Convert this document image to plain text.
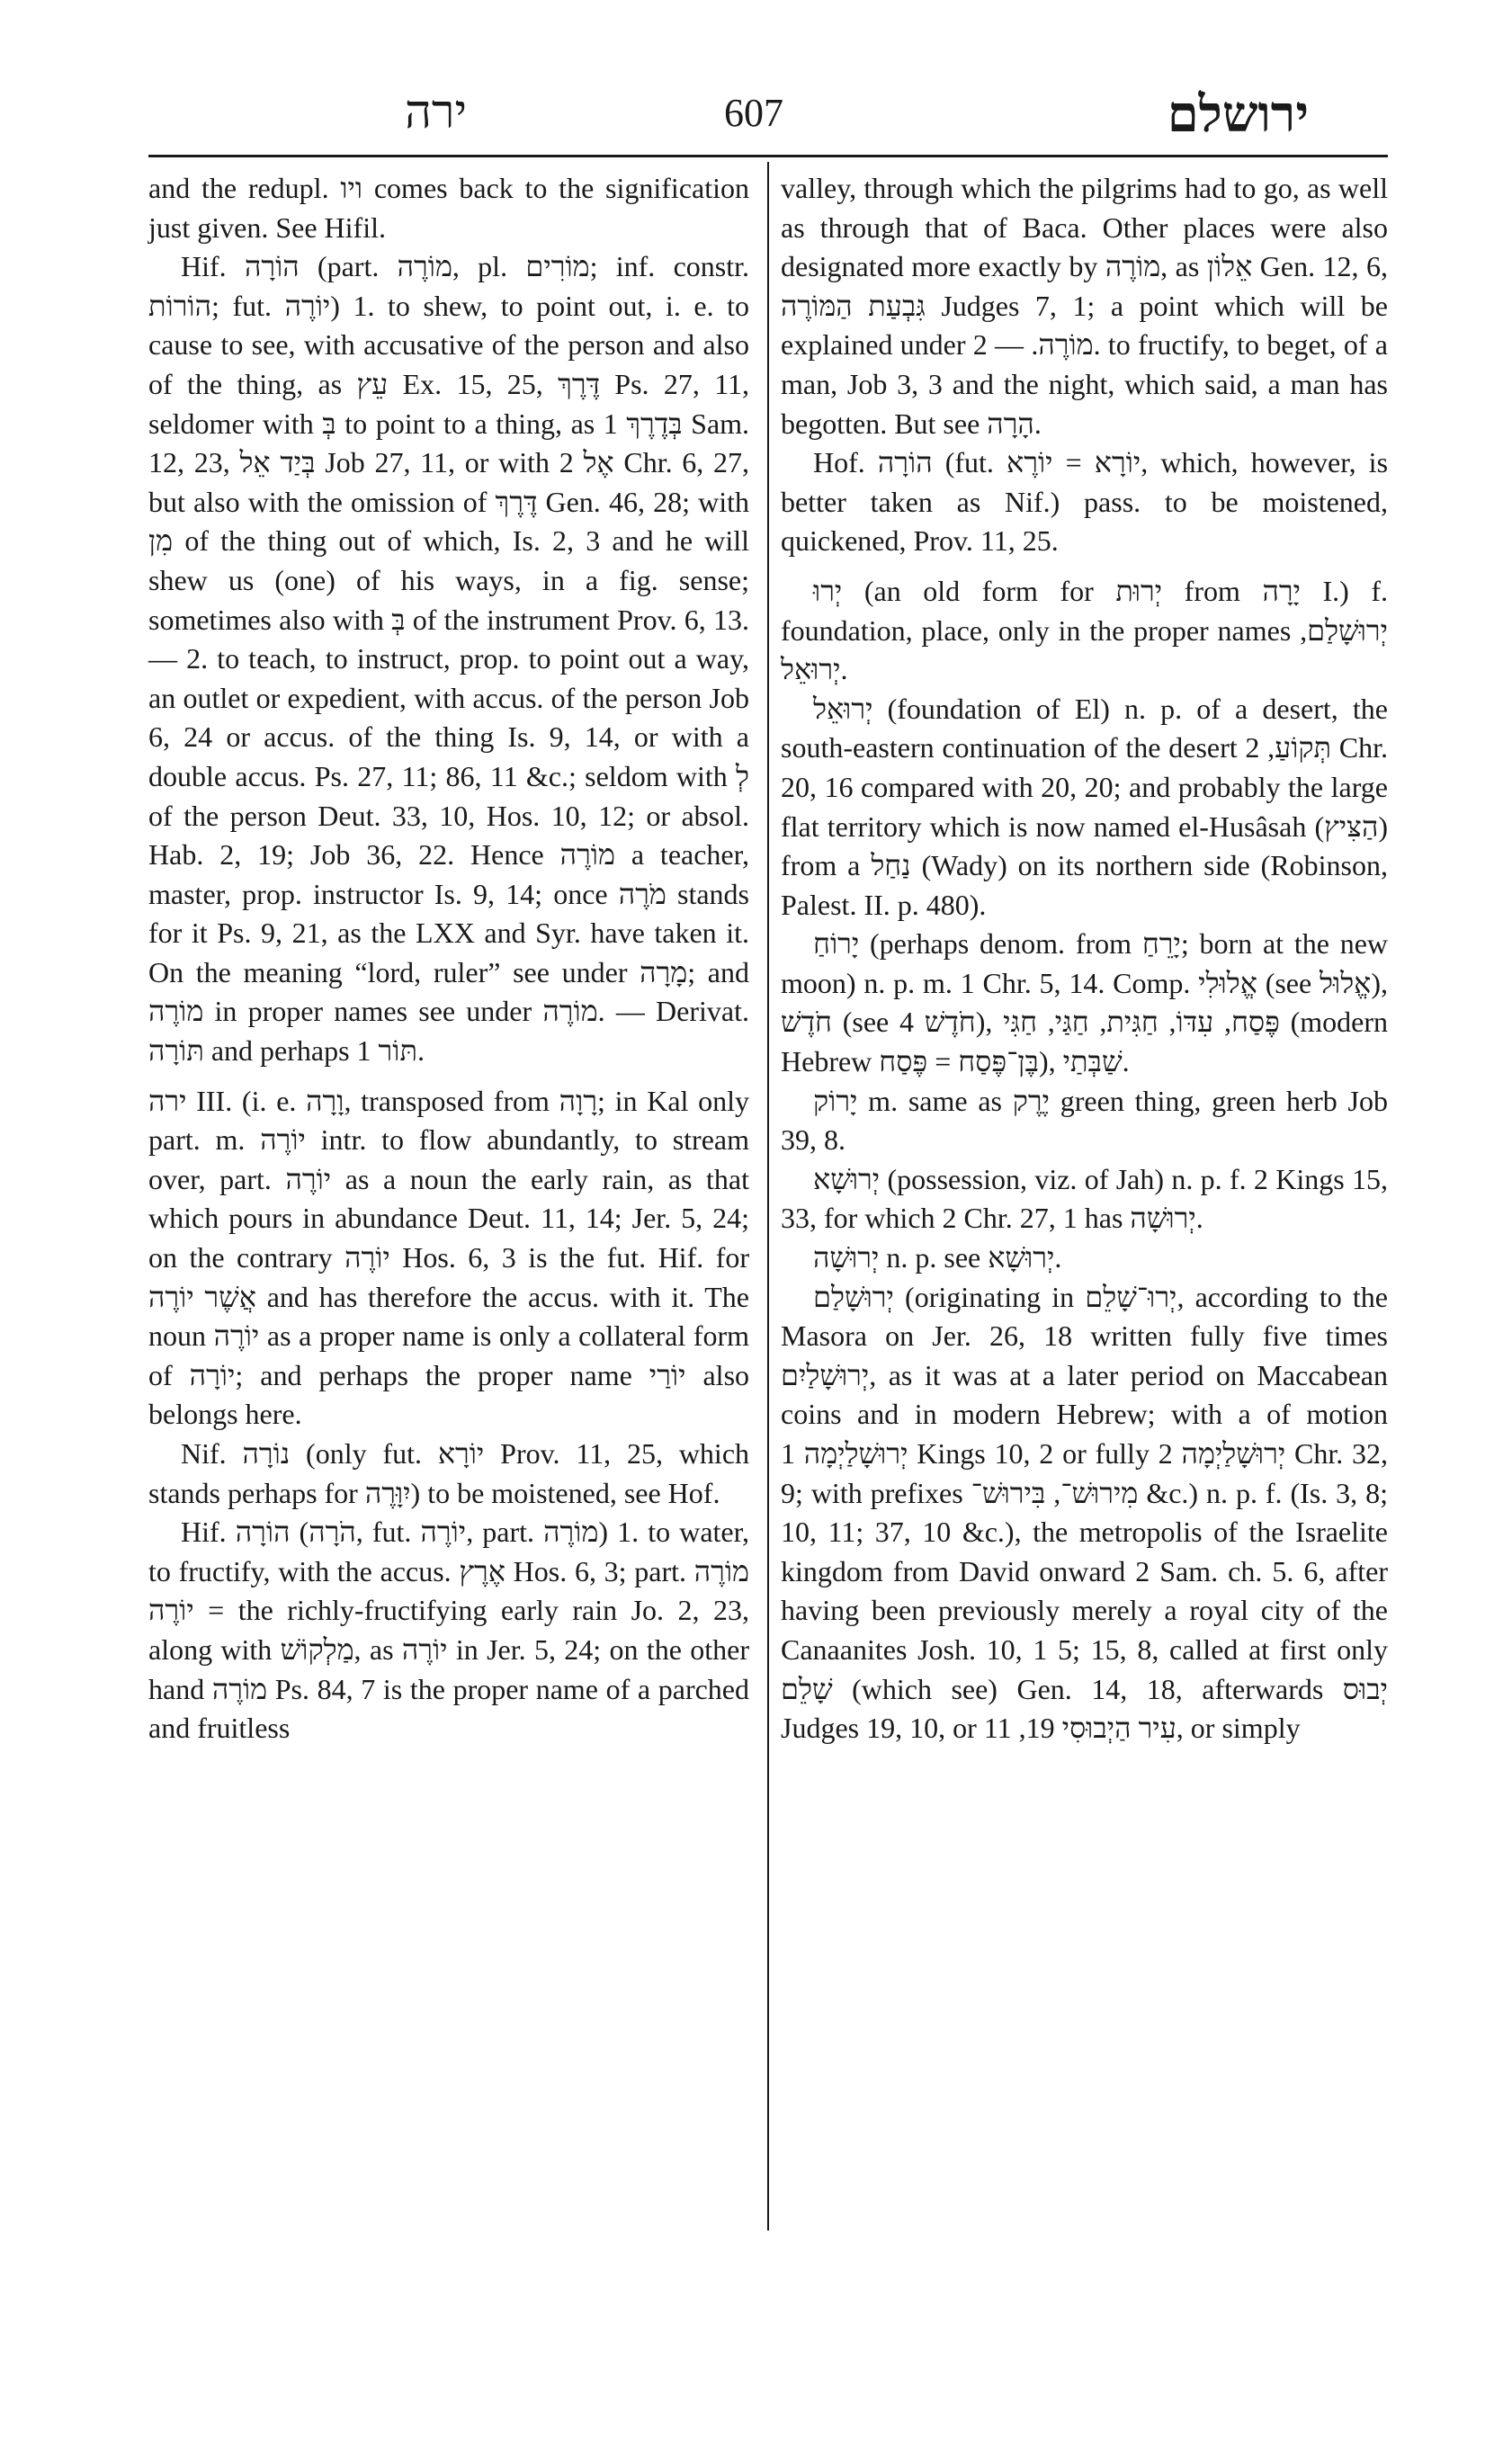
ירה	607	ירושלם

and the redupl. ויו comes back to the signification just given. See Hifil.

Hif. הוֹרָה (part. מוֹרֶה, pl. מוֹרִים; inf. constr. הוֹרוֹת; fut. יוֹרֶה) 1. to shew, to point out, i. e. to cause to see, with accusative of the person and also of the thing, as עֵץ Ex. 15, 25, דֶּרֶךְ Ps. 27, 11, seldomer with בְּ to point to a thing, as בְּדֶרֶךְ 1 Sam. 12, 23, בְּיַד אֵל Job 27, 11, or with אֶל 2 Chr. 6, 27, but also with the omission of דֶּרֶךְ Gen. 46, 28; with מִן of the thing out of which, Is. 2, 3 and he will shew us (one) of his ways, in a fig. sense; sometimes also with בְּ of the instrument Prov. 6, 13. — 2. to teach, to instruct, prop. to point out a way, an outlet or expedient, with accus. of the person Job 6, 24 or accus. of the thing Is. 9, 14, or with a double accus. Ps. 27, 11; 86, 11 &c.; seldom with לְ of the person Deut. 33, 10, Hos. 10, 12; or absol. Hab. 2, 19; Job 36, 22. Hence מוֹרֶה a teacher, master, prop. instructor Is. 9, 14; once מֹרֶה stands for it Ps. 9, 21, as the LXX and Syr. have taken it. On the meaning “lord, ruler” see under מָרָה; and מוֹרֶה in proper names see under מוֹרֶה. — Derivat. תּוֹרָה and perhaps תּוֹר 1.

ירה III. (i. e. וָרָה, transposed from רָוָה; in Kal only part. m. יוֹרֶה intr. to flow abundantly, to stream over, part. יוֹרֶה as a noun the early rain, as that which pours in abundance Deut. 11, 14; Jer. 5, 24; on the contrary יוֹרֶה Hos. 6, 3 is the fut. Hif. for אֲשֶׁר יוֹרֶה and has therefore the accus. with it. The noun יוֹרֶה as a proper name is only a collateral form of יוֹרָה; and perhaps the proper name יוֹרַי also belongs here.

Nif. נוֹרָה (only fut. יוֹרָא Prov. 11, 25, which stands perhaps for יִוָּרֶה) to be moistened, see Hof.

Hif. הוֹרָה (הֹרָה, fut. יוֹרֶה, part. מוֹרֶה) 1. to water, to fructify, with the accus. אֶרֶץ Hos. 6, 3; part. מוֹרֶה = יוֹרֶה the richly-fructifying early rain Jo. 2, 23, along with מַלְקוֹשׁ, as יוֹרֶה in Jer. 5, 24; on the other hand מוֹרֶה Ps. 84, 7 is the proper name of a parched and fruitless

valley, through which the pilgrims had to go, as well as through that of Baca. Other places were also designated more exactly by מוֹרֶה, as אֵלוֹן Gen. 12, 6, גִּבְעַת הַמּוֹרֶה Judges 7, 1; a point which will be explained under מוֹרֶה. — 2. to fructify, to beget, of a man, Job 3, 3 and the night, which said, a man has begotten. But see הָרָה.

Hof. הוֹרָה (fut. יוֹרָא = יוֹרֶא, which, however, is better taken as Nif.) pass. to be moistened, quickened, Prov. 11, 25.

יְרוּ (an old form for יְרוּת from יָרָה I.) f. foundation, place, only in the proper names יְרוּשָׁלַם, יְרוּאֵל.

יְרוּאֵל (foundation of El) n. p. of a desert, the south-eastern continuation of the desert תְּקוֹעַ, 2 Chr. 20, 16 compared with 20, 20; and probably the large flat territory which is now named el-Husâsah (הַצִּיץ) from a נַחַל (Wady) on its northern side (Robinson, Palest. II. p. 480).

יָרוֹחַ (perhaps denom. from יָרֵחַ; born at the new moon) n. p. m. 1 Chr. 5, 14. Comp. אֱלוּלִי (see אֱלוּל), חֹדֶשׁ (see חֹדֶשׁ 4), פֶּסַח, עִדּוֹ, חַגִּית, חַגַּי, חַגִּי (modern Hebrew בֶּן־פֶּסַח = פֶּסַח), שַׁבְּתַי.

יָרוֹק m. same as יֶרֶק green thing, green herb Job 39, 8.

יְרוּשָׁא (possession, viz. of Jah) n. p. f. 2 Kings 15, 33, for which 2 Chr. 27, 1 has יְרוּשָׁה.

יְרוּשָׁה n. p. see יְרוּשָׁא.

יְרוּשָׁלַם (originating in יְרוּ־שָׁלֵם, according to the Masora on Jer. 26, 18 written fully five times יְרוּשָׁלַיִם, as it was at a later period on Maccabean coins and in modern Hebrew; with a of motion יְרוּשָׁלַיְמָה 1 Kings 10, 2 or fully יְרוּשָׁלַיְמָה 2 Chr. 32, 9; with prefixes מִירוּשׁ־, בִּירוּשׁ־ &c.) n. p. f. (Is. 3, 8; 10, 11; 37, 10 &c.), the metropolis of the Israelite kingdom from David onward 2 Sam. ch. 5. 6, after having been previously merely a royal city of the Canaanites Josh. 10, 1 5; 15, 8, called at first only שָׁלֵם (which see) Gen. 14, 18, afterwards יְבוּס Judges 19, 10, or עִיר הַיְבוּסִי 19, 11, or simply
